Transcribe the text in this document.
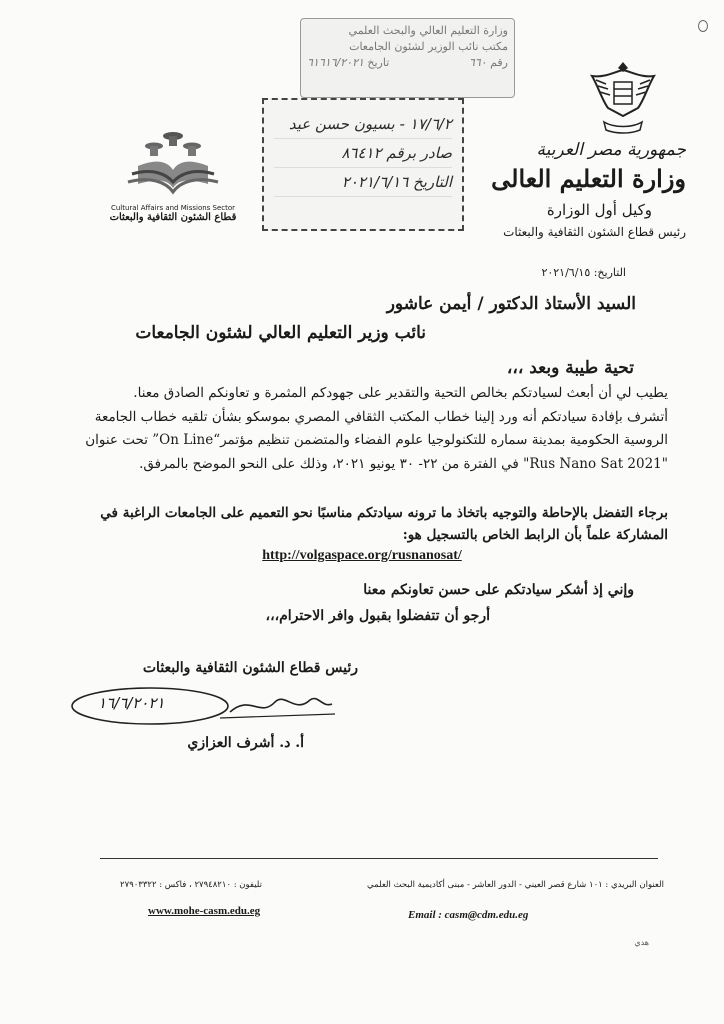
وزارة التعليم العالي والبحث العلمي
مكتب نائب الوزير لشئون الجامعات
رقم ٦٦٠
تاريخ ٦١٦١٦/٢٠٢١
١٧/٦/٢ - بسيون حسن عيد
صادر برقم ٨٦٤١٢
التاريخ ٢٠٢١/٦/١٦
جمهورية مصر العربية
وزارة التعليم العالى
وكيل أول الوزارة
رئيس قطاع الشئون الثقافية والبعثات
Cultural Affairs and Missions Sector
قطاع الشئون الثقافية والبعثات
التاريخ: ٢٠٢١/٦/١٥
السيد الأستاذ الدكتور / أيمن عاشور
نائب وزير التعليم العالي لشئون الجامعات
تحية طيبة وبعد ،،،

يطيب لي أن أبعث لسيادتكم بخالص التحية والتقدير على جهودكم المثمرة و تعاونكم الصادق معنا.

أتشرف بإفادة سيادتكم أنه ورد إلينا خطاب المكتب الثقافي المصري بموسكو بشأن تلقيه خطاب الجامعة الروسية الحكومية بمدينة سماره للتكنولوجيا علوم الفضاء والمتضمن تنظيم مؤتمر“On Line” تحت عنوان "Rus Nano Sat 2021" في الفترة من ٢٢- ٣٠ يونيو ٢٠٢١، وذلك على النحو الموضح بالمرفق.

برجاء التفضل بالإحاطة والتوجيه باتخاذ ما ترونه سيادتكم مناسبًا نحو التعميم على الجامعات الراغبة في المشاركة علماً بأن الرابط الخاص بالتسجيل هو:
http://volgaspace.org/rusnanosat/
وإني إذ أشكر سيادتكم على حسن تعاونكم معنا
أرجو أن تتفضلوا بقبول وافر الاحترام،،،
رئيس قطاع الشئون الثقافية والبعثات
١٦/٦/٢٠٢١
أ. د. أشرف العزازي
العنوان البريدي : ١٠١ شارع قصر العيني - الدور العاشر - مبنى أكاديمية البحث العلمي
تليفون : ٢٧٩٤٨٢١٠ ، فاكس : ٢٧٩٠٣٣٢٢
www.mohe-casm.edu.eg	Email : casm@cdm.edu.eg
هدي
